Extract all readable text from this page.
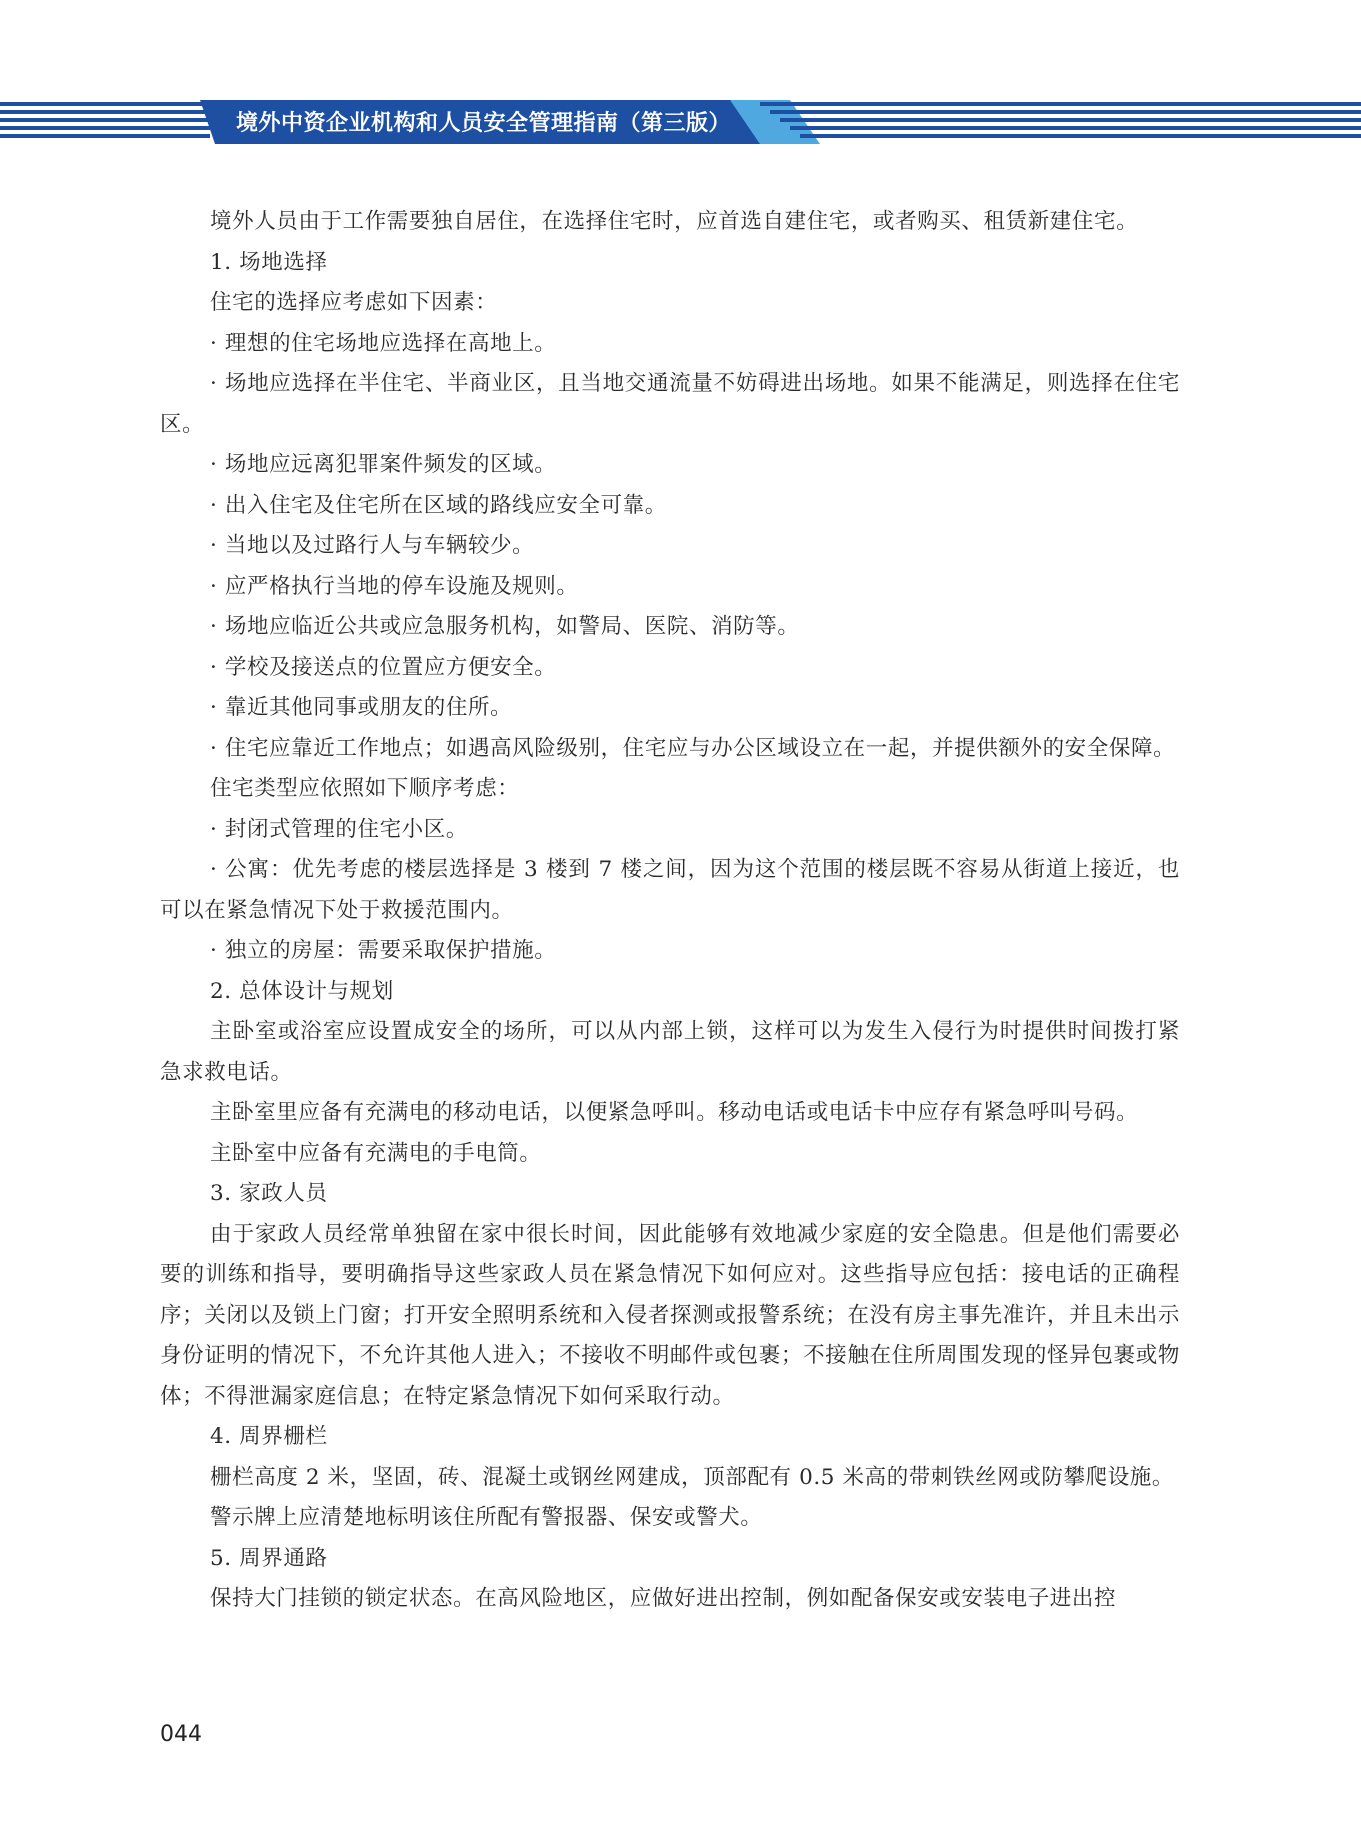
境外中资企业机构和人员安全管理指南（第三版）

境外人员由于工作需要独自居住，在选择住宅时，应首选自建住宅，或者购买、租赁新建住宅。

1. 场地选择

住宅的选择应考虑如下因素：

· 理想的住宅场地应选择在高地上。

· 场地应选择在半住宅、半商业区，且当地交通流量不妨碍进出场地。如果不能满足，则选择在住宅区。

· 场地应远离犯罪案件频发的区域。

· 出入住宅及住宅所在区域的路线应安全可靠。

· 当地以及过路行人与车辆较少。

· 应严格执行当地的停车设施及规则。

· 场地应临近公共或应急服务机构，如警局、医院、消防等。

· 学校及接送点的位置应方便安全。

· 靠近其他同事或朋友的住所。

· 住宅应靠近工作地点；如遇高风险级别，住宅应与办公区域设立在一起，并提供额外的安全保障。

住宅类型应依照如下顺序考虑：

· 封闭式管理的住宅小区。

· 公寓：优先考虑的楼层选择是 3 楼到 7 楼之间，因为这个范围的楼层既不容易从街道上接近，也可以在紧急情况下处于救援范围内。

· 独立的房屋：需要采取保护措施。

2. 总体设计与规划

主卧室或浴室应设置成安全的场所，可以从内部上锁，这样可以为发生入侵行为时提供时间拨打紧急求救电话。

主卧室里应备有充满电的移动电话，以便紧急呼叫。移动电话或电话卡中应存有紧急呼叫号码。

主卧室中应备有充满电的手电筒。

3. 家政人员

由于家政人员经常单独留在家中很长时间，因此能够有效地减少家庭的安全隐患。但是他们需要必要的训练和指导，要明确指导这些家政人员在紧急情况下如何应对。这些指导应包括：接电话的正确程序；关闭以及锁上门窗；打开安全照明系统和入侵者探测或报警系统；在没有房主事先准许，并且未出示身份证明的情况下，不允许其他人进入；不接收不明邮件或包裹；不接触在住所周围发现的怪异包裹或物体；不得泄漏家庭信息；在特定紧急情况下如何采取行动。

4. 周界栅栏

栅栏高度 2 米，坚固，砖、混凝土或钢丝网建成，顶部配有 0.5 米高的带刺铁丝网或防攀爬设施。

警示牌上应清楚地标明该住所配有警报器、保安或警犬。

5. 周界通路

保持大门挂锁的锁定状态。在高风险地区，应做好进出控制，例如配备保安或安装电子进出控

044
